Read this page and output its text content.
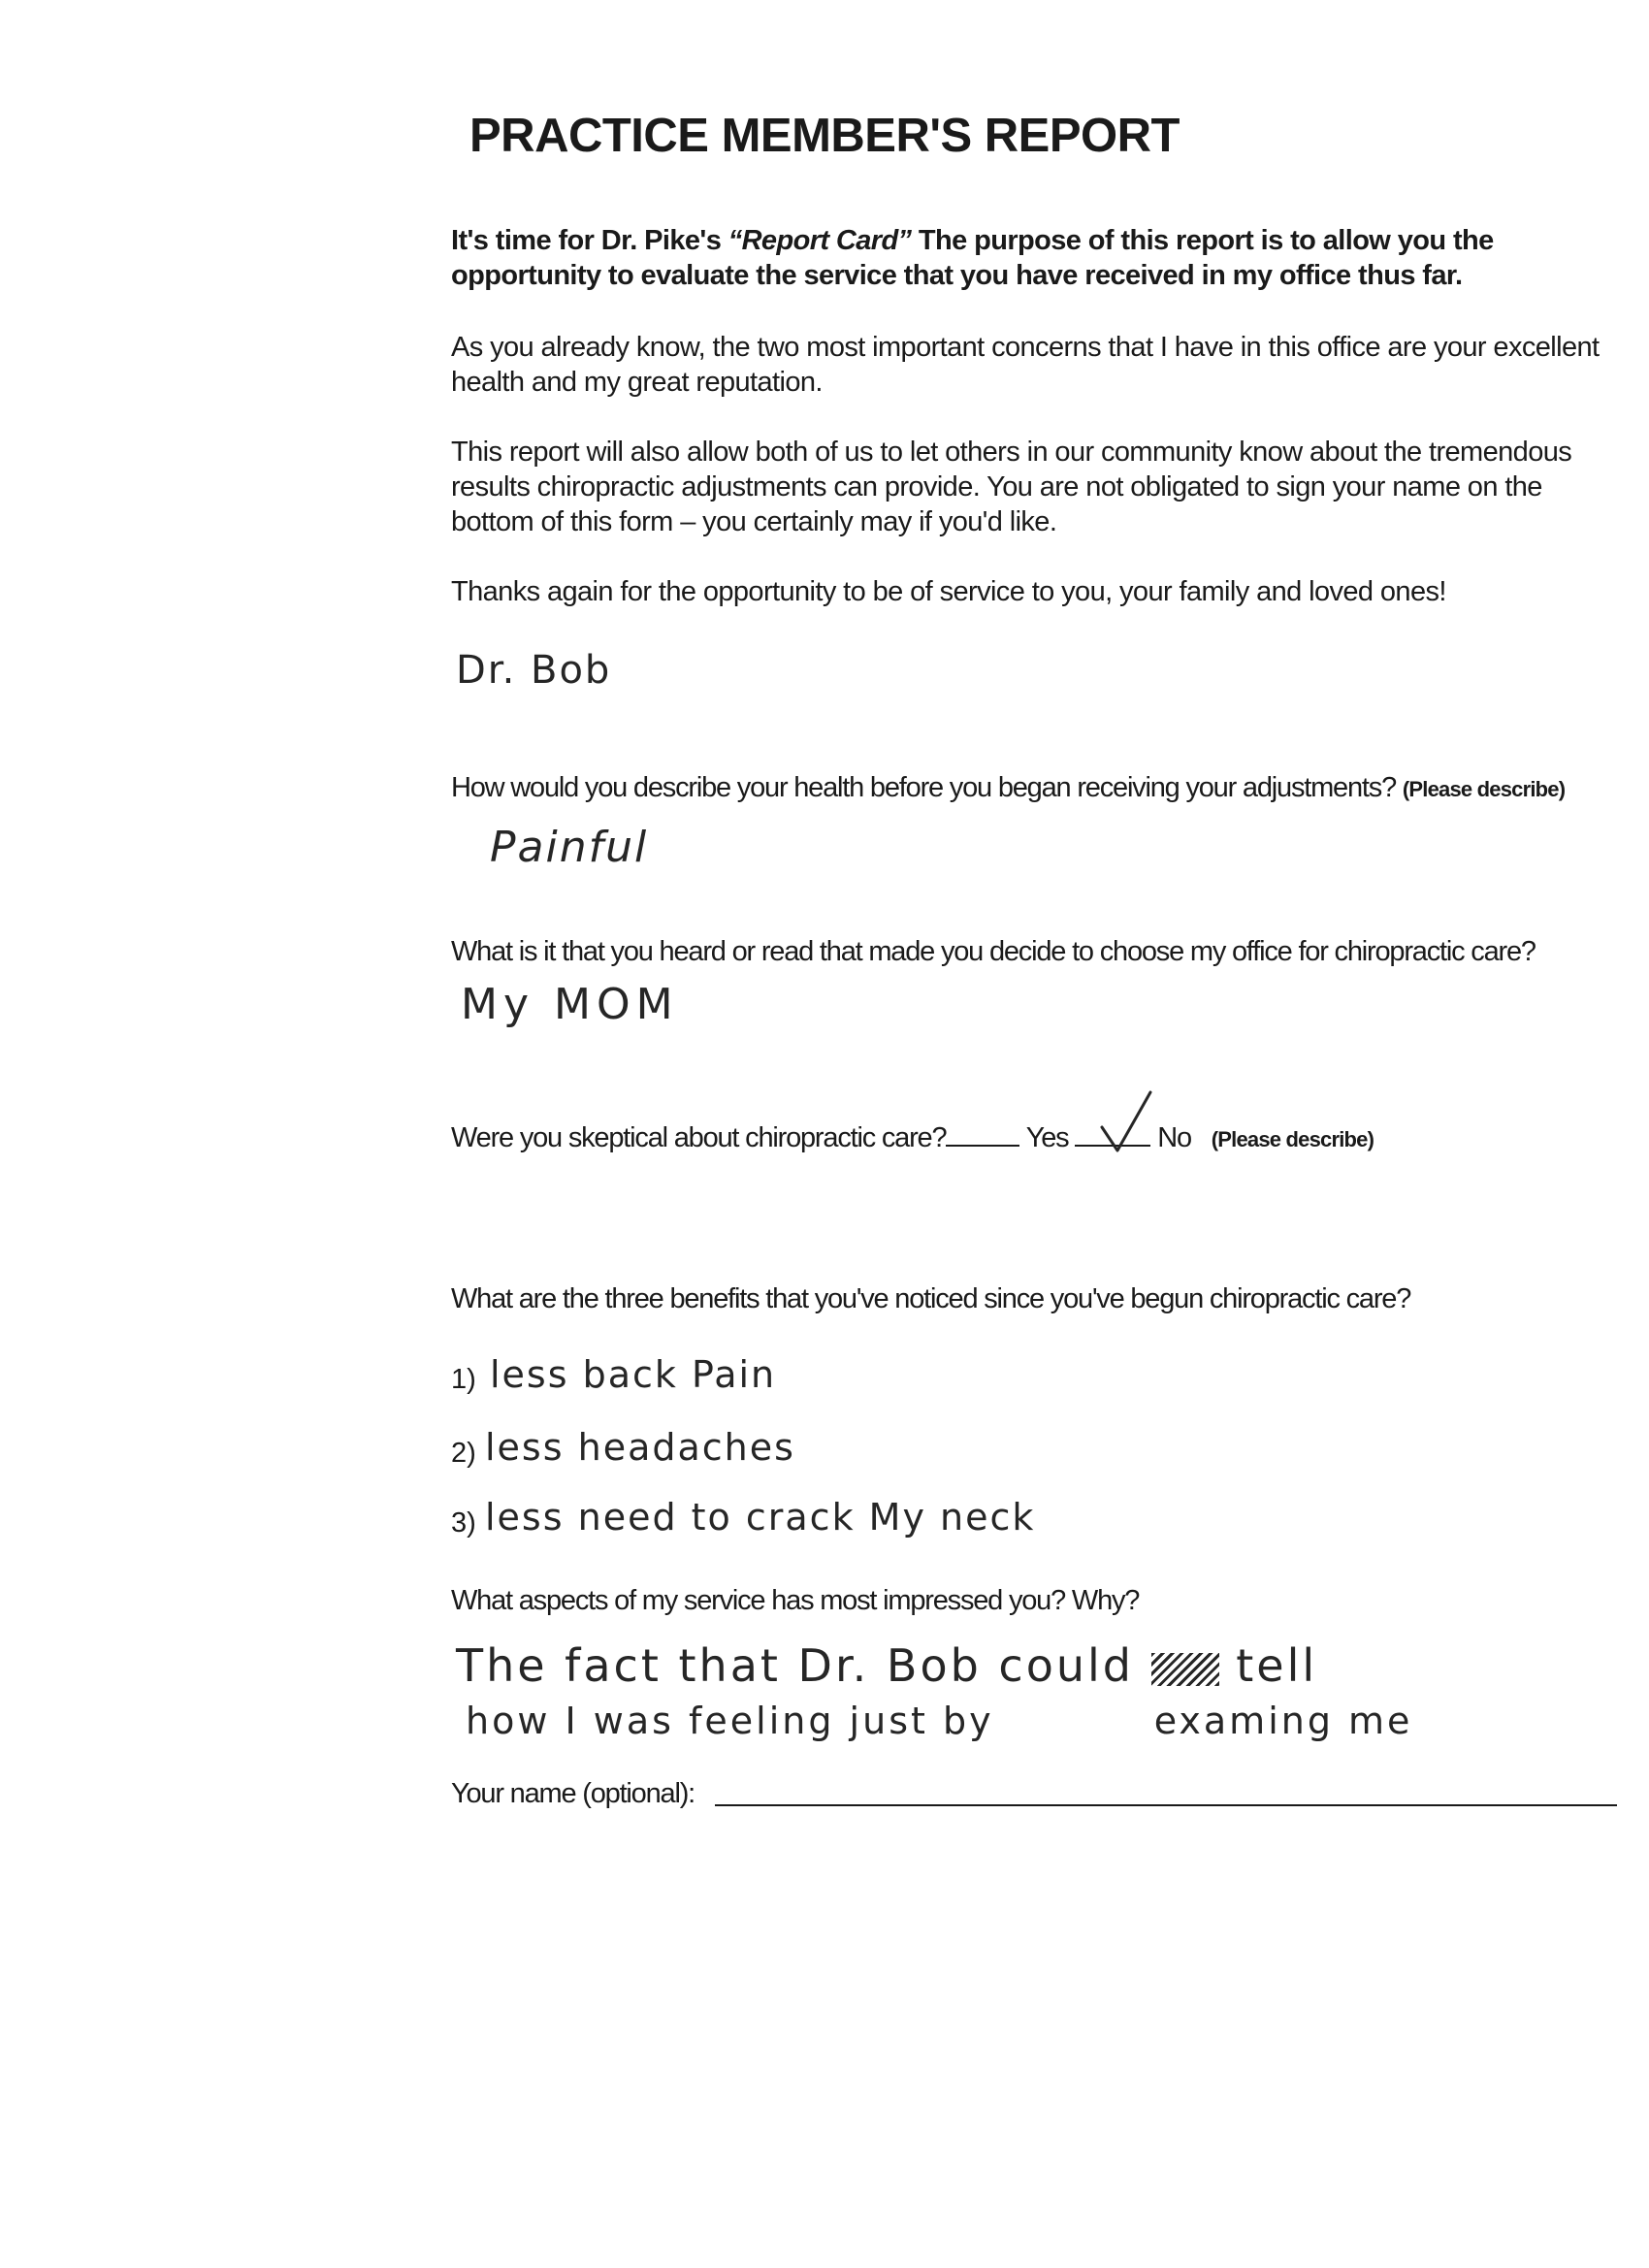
PRACTICE MEMBER'S REPORT
It's time for Dr. Pike's “Report Card” The purpose of this report is to allow you the opportunity to evaluate the service that you have received in my office thus far.
As you already know, the two most important concerns that I have in this office are your excellent health and my great reputation.
This report will also allow both of us to let others in our community know about the tremendous results chiropractic adjustments can provide. You are not obligated to sign your name on the bottom of this form – you certainly may if you'd like.
Thanks again for the opportunity to be of service to you, your family and loved ones!
Dr. Bob
How would you describe your health before you began receiving your adjustments? (Please describe)
Painful
What is it that you heard or read that made you decide to choose my office for chiropractic care?
My MOM
Were you skeptical about chiropractic care?	Yes	No (Please describe)
What are the three benefits that you've noticed since you've begun chiropractic care?
1) less back Pain
2) less headaches
3) less need to crack My neck
What aspects of my service has most impressed you? Why?
The fact that Dr. Bob could tell
how I was feeling just by	examing me
Your name (optional):
